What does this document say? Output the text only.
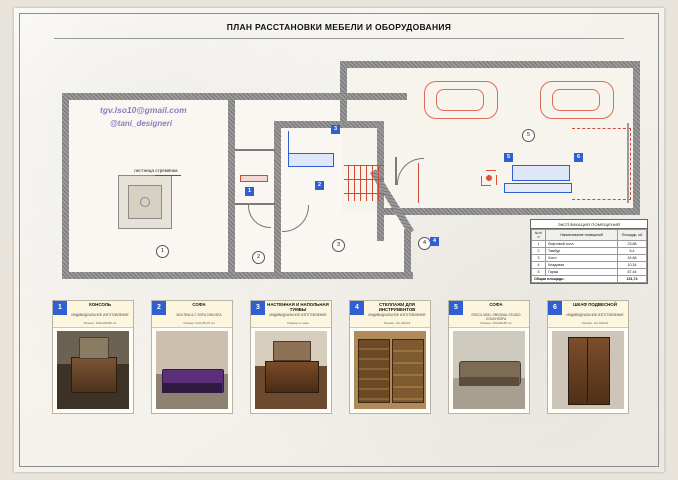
ПЛАН РАССТАНОВКИ МЕБЕЛИ И ОБОРУДОВАНИЯ
лестница стремянка
tgv.lso10@gmail.com
@tani_designeri
1
2
3	4
5
1
2
3
4
5	6
ЭКСПЛИКАЦИЯ ПОМЕЩЕНИЙ
№ п/п	Наименование помещений	Площадь, м2
1	Лифтовой холл	23,88
2	Тамбур	5,4
3	Холл	24,68
4	Кладовая	10,34
5	Гараж	67,44
Общая площадь:		131,74
1	КОНСОЛЬ
ИНДИВИДУАЛЬНОЕ ИЗГОТОВЛЕНИЕ
Размер: 150х400х80 см
2	СОФА
MOLTENI & C SOFA CHELSEA
Размер: 210х78х78 см
3	НАСТЕННАЯ И НАПОЛЬНАЯ ТУМБЫ
ИНДИВИДУАЛЬНОЕ ИЗГОТОВЛЕНИЕ
Размер по зака
4	СТЕЛЛАЖИ ДЛЯ ИНСТРУМЕНТОВ
ИНДИВИДУАЛЬНОЕ ИЗГОТОВЛЕНИЕ
Размер: НА ЗАКАЗ
5	СОФА
ERCOL MOD. ORIGINAL STUDIO COUCHSOFA
Размер: 200х80х85 см
6	ШКАФ ПОДВЕСНОЙ
ИНДИВИДУАЛЬНОЕ ИЗГОТОВЛЕНИЕ
Размер: НА ЗАКАЗ
